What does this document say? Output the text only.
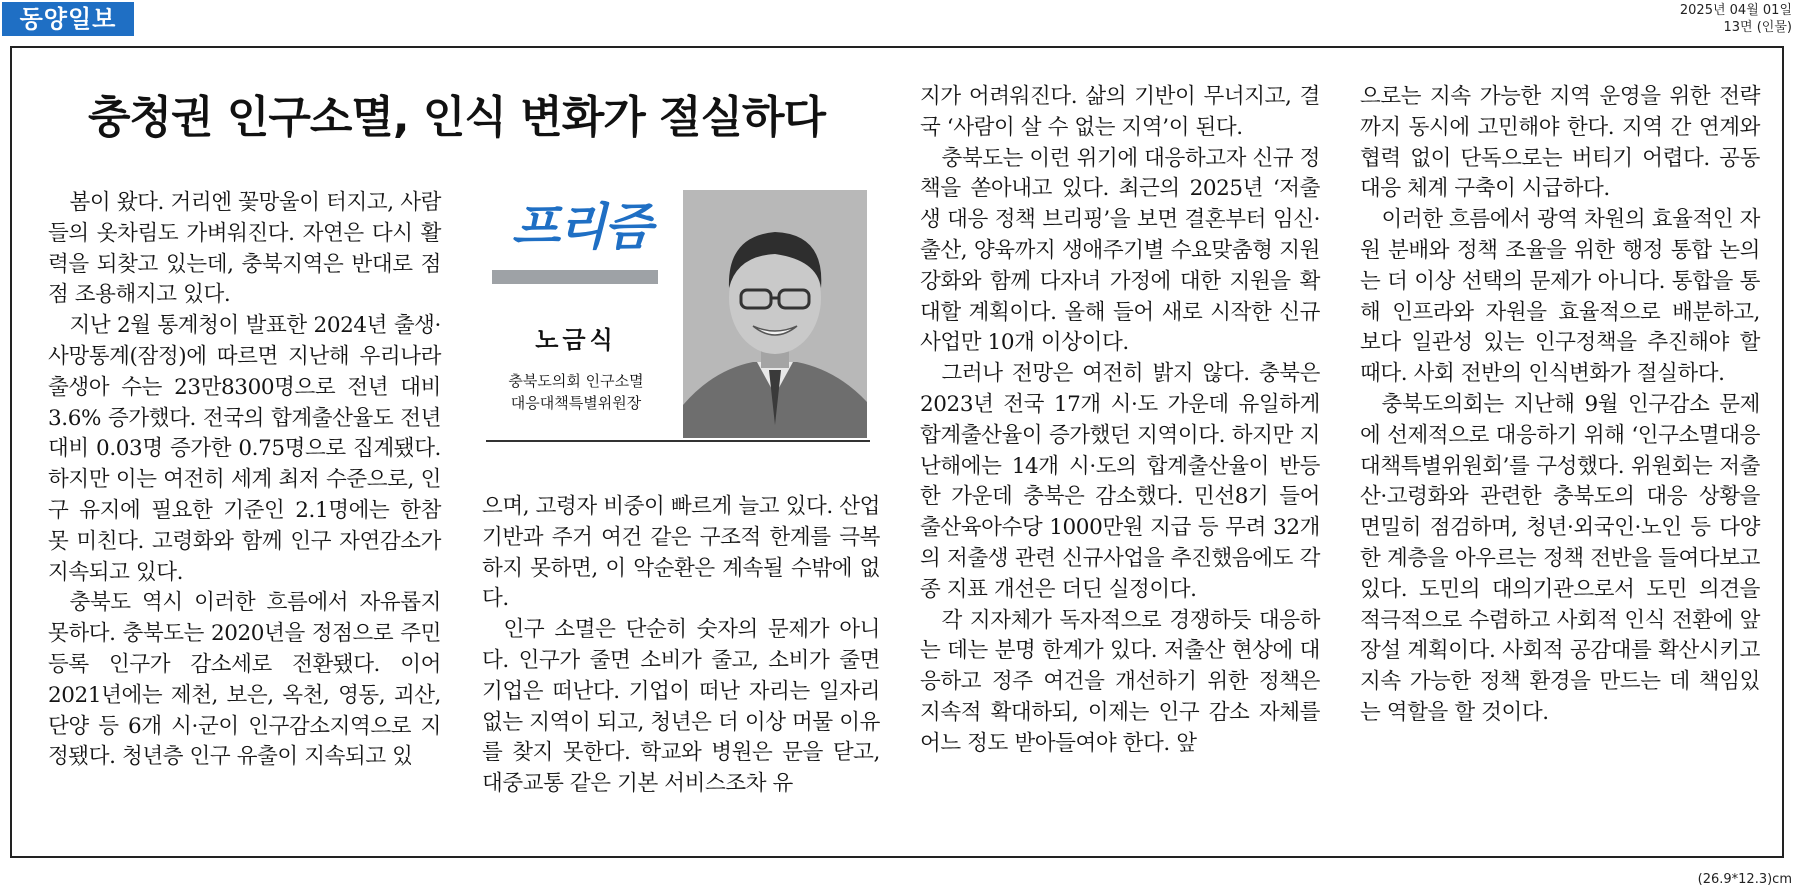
동양일보	2025년 04월 01일
13면 (인물)
충청권 인구소멸, 인식 변화가 절실하다

봄이 왔다. 거리엔 꽃망울이 터지고, 사람들의 옷차림도 가벼워진다. 자연은 다시 활력을 되찾고 있는데, 충북지역은 반대로 점점 조용해지고 있다.

지난 2월 통계청이 발표한 2024년 출생·사망통계(잠정)에 따르면 지난해 우리나라 출생아 수는 23만8300명으로 전년 대비 3.6% 증가했다. 전국의 합계출산율도 전년 대비 0.03명 증가한 0.75명으로 집계됐다. 하지만 이는 여전히 세계 최저 수준으로, 인구 유지에 필요한 기준인 2.1명에는 한참 못 미친다. 고령화와 함께 인구 자연감소가 지속되고 있다.

충북도 역시 이러한 흐름에서 자유롭지 못하다. 충북도는 2020년을 정점으로 주민등록 인구가 감소세로 전환됐다. 이어 2021년에는 제천, 보은, 옥천, 영동, 괴산, 단양 등 6개 시·군이 인구감소지역으로 지정됐다. 청년층 인구 유출이 지속되고 있

프리즘
노금식
충북도의회 인구소멸
대응대책특별위원장

으며, 고령자 비중이 빠르게 늘고 있다. 산업기반과 주거 여건 같은 구조적 한계를 극복하지 못하면, 이 악순환은 계속될 수밖에 없다.

인구 소멸은 단순히 숫자의 문제가 아니다. 인구가 줄면 소비가 줄고, 소비가 줄면 기업은 떠난다. 기업이 떠난 자리는 일자리 없는 지역이 되고, 청년은 더 이상 머물 이유를 찾지 못한다. 학교와 병원은 문을 닫고, 대중교통 같은 기본 서비스조차 유

지가 어려워진다. 삶의 기반이 무너지고, 결국 ‘사람이 살 수 없는 지역’이 된다.

충북도는 이런 위기에 대응하고자 신규 정책을 쏟아내고 있다. 최근의 2025년 ‘저출생 대응 정책 브리핑’을 보면 결혼부터 임신·출산, 양육까지 생애주기별 수요맞춤형 지원 강화와 함께 다자녀 가정에 대한 지원을 확대할 계획이다. 올해 들어 새로 시작한 신규사업만 10개 이상이다.

그러나 전망은 여전히 밝지 않다. 충북은 2023년 전국 17개 시·도 가운데 유일하게 합계출산율이 증가했던 지역이다. 하지만 지난해에는 14개 시·도의 합계출산율이 반등한 가운데 충북은 감소했다. 민선8기 들어 출산육아수당 1000만원 지급 등 무려 32개의 저출생 관련 신규사업을 추진했음에도 각종 지표 개선은 더딘 실정이다.

각 지자체가 독자적으로 경쟁하듯 대응하는 데는 분명 한계가 있다. 저출산 현상에 대응하고 정주 여건을 개선하기 위한 정책은 지속적 확대하되, 이제는 인구 감소 자체를 어느 정도 받아들여야 한다. 앞

으로는 지속 가능한 지역 운영을 위한 전략까지 동시에 고민해야 한다. 지역 간 연계와 협력 없이 단독으로는 버티기 어렵다. 공동 대응 체계 구축이 시급하다.

이러한 흐름에서 광역 차원의 효율적인 자원 분배와 정책 조율을 위한 행정 통합 논의는 더 이상 선택의 문제가 아니다. 통합을 통해 인프라와 자원을 효율적으로 배분하고, 보다 일관성 있는 인구정책을 추진해야 할 때다. 사회 전반의 인식변화가 절실하다.

충북도의회는 지난해 9월 인구감소 문제에 선제적으로 대응하기 위해 ‘인구소멸대응대책특별위원회’를 구성했다. 위원회는 저출산·고령화와 관련한 충북도의 대응 상황을 면밀히 점검하며, 청년·외국인·노인 등 다양한 계층을 아우르는 정책 전반을 들여다보고 있다. 도민의 대의기관으로서 도민 의견을 적극적으로 수렴하고 사회적 인식 전환에 앞장설 계획이다. 사회적 공감대를 확산시키고 지속 가능한 정책 환경을 만드는 데 책임있는 역할을 할 것이다.

(26.9*12.3)cm
